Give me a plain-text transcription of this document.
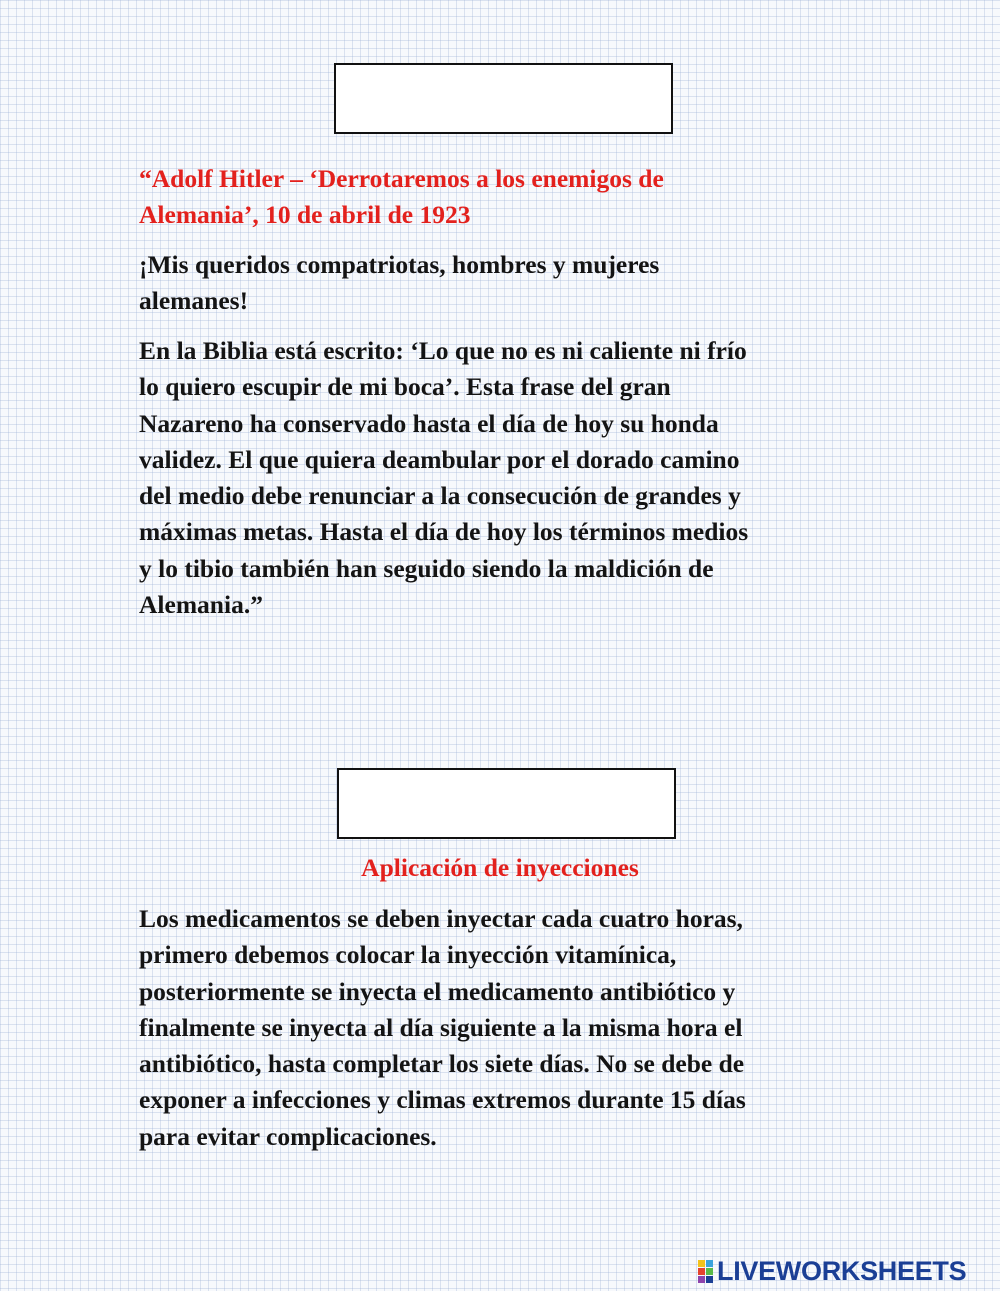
“Adolf Hitler – ‘Derrotaremos a los enemigos de
Alemania’, 10 de abril de 1923

¡Mis queridos compatriotas, hombres y mujeres
alemanes!

En la Biblia está escrito: ‘Lo que no es ni caliente ni frío
lo quiero escupir de mi boca’. Esta frase del gran
Nazareno ha conservado hasta el día de hoy su honda
validez. El que quiera deambular por el dorado camino
del medio debe renunciar a la consecución de grandes y
máximas metas. Hasta el día de hoy los términos medios
y lo tibio también han seguido siendo la maldición de
Alemania.”

Aplicación de inyecciones

Los medicamentos se deben inyectar cada cuatro horas,
primero debemos colocar la inyección vitamínica,
posteriormente se inyecta el medicamento antibiótico y
finalmente se inyecta al día siguiente a la misma hora el
antibiótico, hasta completar los siete días. No se debe de
exponer a infecciones y climas extremos durante 15 días
para evitar complicaciones.

LIVEWORKSHEETS
